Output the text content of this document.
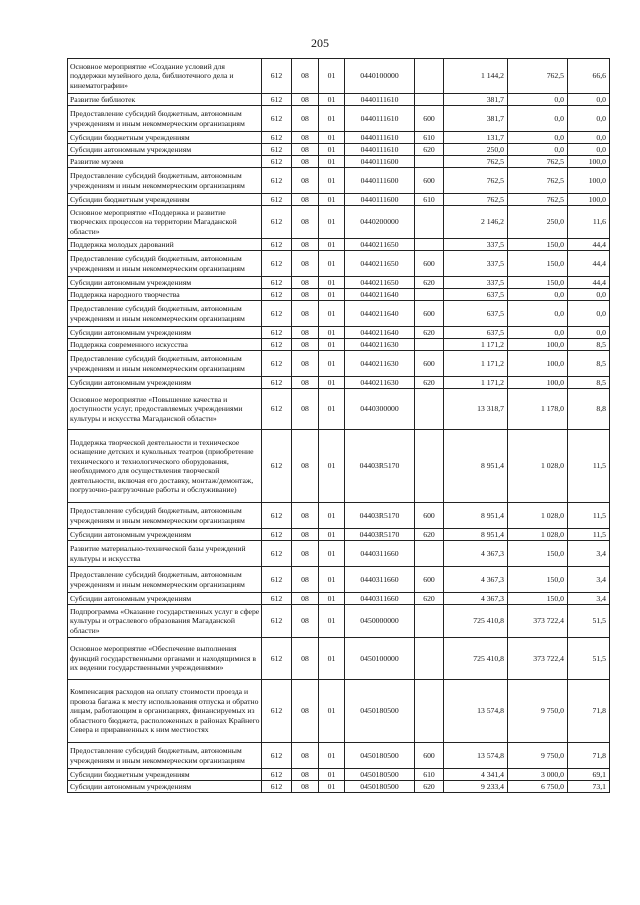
205
Основное мероприятие «Создание условий для поддержки музейного дела, библиотечного дела и кинематографии»	612	08	01	0440100000		1 144,2	762,5	66,6
Развитие библиотек	612	08	01	0440111610		381,7	0,0	0,0
Предоставление субсидий бюджетным, автономным учреждениям и иным некоммерческим организациям	612	08	01	0440111610	600	381,7	0,0	0,0
Субсидии бюджетным учреждениям	612	08	01	0440111610	610	131,7	0,0	0,0
Субсидии автономным учреждениям	612	08	01	0440111610	620	250,0	0,0	0,0
Развитие музеев	612	08	01	0440111600		762,5	762,5	100,0
Предоставление субсидий бюджетным, автономным учреждениям и иным некоммерческим организациям	612	08	01	0440111600	600	762,5	762,5	100,0
Субсидии бюджетным учреждениям	612	08	01	0440111600	610	762,5	762,5	100,0
Основное мероприятие «Поддержка и развитие творческих процессов на территории Магаданской области»	612	08	01	0440200000		2 146,2	250,0	11,6
Поддержка молодых дарований	612	08	01	0440211650		337,5	150,0	44,4
Предоставление субсидий бюджетным, автономным учреждениям и иным некоммерческим организациям	612	08	01	0440211650	600	337,5	150,0	44,4
Субсидии автономным учреждениям	612	08	01	0440211650	620	337,5	150,0	44,4
Поддержка народного творчества	612	08	01	0440211640		637,5	0,0	0,0
Предоставление субсидий бюджетным, автономным учреждениям и иным некоммерческим организациям	612	08	01	0440211640	600	637,5	0,0	0,0
Субсидии автономным учреждениям	612	08	01	0440211640	620	637,5	0,0	0,0
Поддержка современного искусства	612	08	01	0440211630		1 171,2	100,0	8,5
Предоставление субсидий бюджетным, автономным учреждениям и иным некоммерческим организациям	612	08	01	0440211630	600	1 171,2	100,0	8,5
Субсидии автономным учреждениям	612	08	01	0440211630	620	1 171,2	100,0	8,5
Основное мероприятие «Повышение качества и доступности услуг, предоставляемых учреждениями культуры и искусства Магаданской области»	612	08	01	0440300000		13 318,7	1 178,0	8,8
Поддержка творческой деятельности и техническое оснащение детских и кукольных театров (приобретение технического и технологического оборудования, необходимого для осуществления творческой деятельности, включая его доставку, монтаж/демонтаж, погрузочно-разгрузочные работы и обслуживание)	612	08	01	04403R5170		8 951,4	1 028,0	11,5
Предоставление субсидий бюджетным, автономным учреждениям и иным некоммерческим организациям	612	08	01	04403R5170	600	8 951,4	1 028,0	11,5
Субсидии автономным учреждениям	612	08	01	04403R5170	620	8 951,4	1 028,0	11,5
Развитие материально-технической базы учреждений культуры и искусства	612	08	01	0440311660		4 367,3	150,0	3,4
Предоставление субсидий бюджетным, автономным учреждениям и иным некоммерческим организациям	612	08	01	0440311660	600	4 367,3	150,0	3,4
Субсидии автономным учреждениям	612	08	01	0440311660	620	4 367,3	150,0	3,4
Подпрограмма «Оказание государственных услуг в сфере культуры и отраслевого образования Магаданской области»	612	08	01	0450000000		725 410,8	373 722,4	51,5
Основное мероприятие «Обеспечение выполнения функций государственными органами и находящимися в их ведении государственными учреждениями»	612	08	01	0450100000		725 410,8	373 722,4	51,5
Компенсация расходов на оплату стоимости проезда и провоза багажа к месту использования отпуска и обратно лицам, работающим в организациях, финансируемых из областного бюджета, расположенных в районах Крайнего Севера и приравненных к ним местностях	612	08	01	0450180500		13 574,8	9 750,0	71,8
Предоставление субсидий бюджетным, автономным учреждениям и иным некоммерческим организациям	612	08	01	0450180500	600	13 574,8	9 750,0	71,8
Субсидии бюджетным учреждениям	612	08	01	0450180500	610	4 341,4	3 000,0	69,1
Субсидии автономным учреждениям	612	08	01	0450180500	620	9 233,4	6 750,0	73,1
